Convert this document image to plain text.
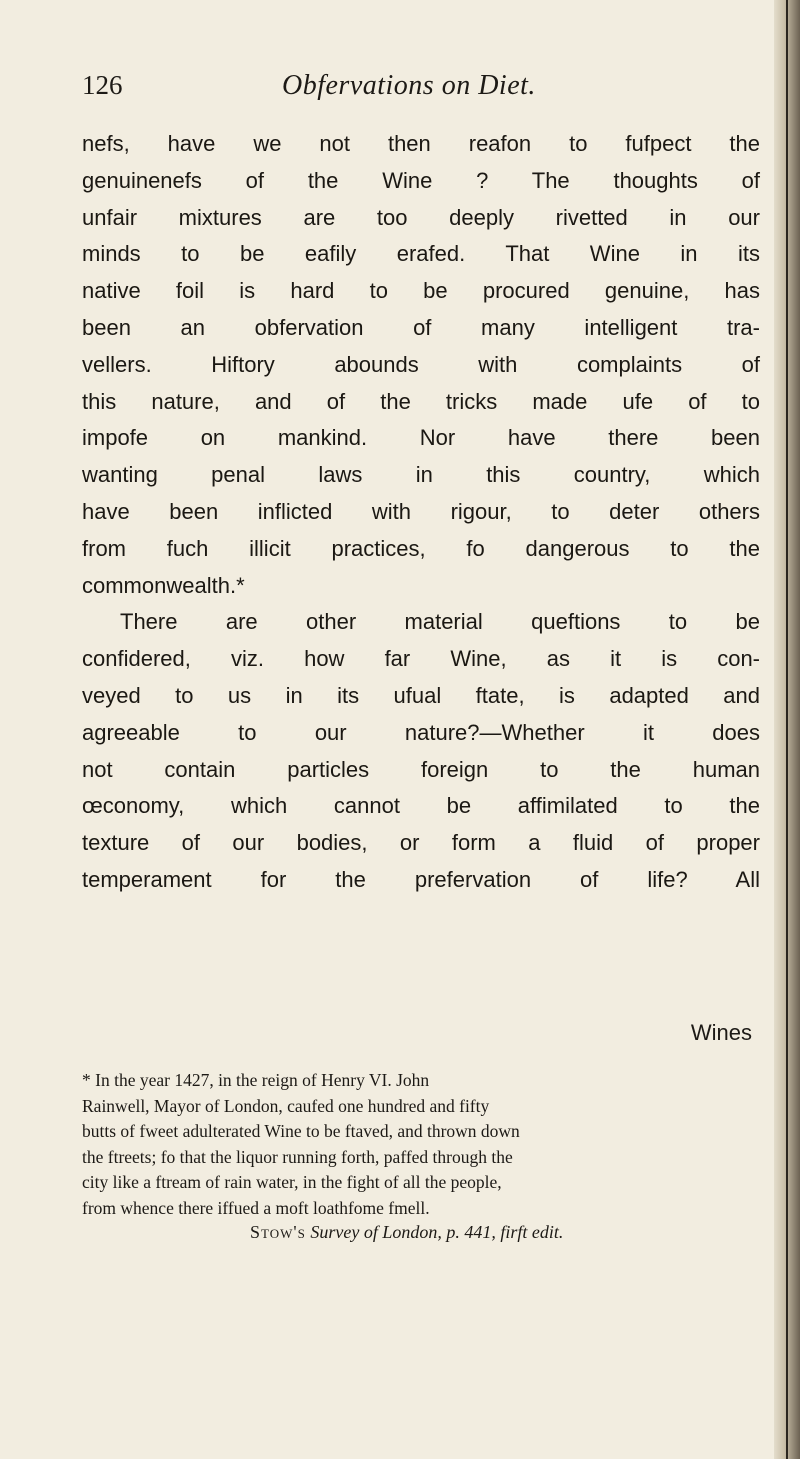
126	Obfervations on Diet.

nefs, have we not then reafon to fufpect the

genuinenefs of the Wine ? The thoughts of

unfair mixtures are too deeply rivetted in our

minds to be eafily erafed. That Wine in its

native foil is hard to be procured genuine, has

been an obfervation of many intelligent tra-

vellers. Hiftory abounds with complaints of

this nature, and of the tricks made ufe of to

impofe on mankind. Nor have there been

wanting penal laws in this country, which

have been inflicted with rigour, to deter others

from fuch illicit practices, fo dangerous to the

commonwealth.*

There are other material queftions to be

confidered, viz. how far Wine, as it is con-

veyed to us in its ufual ftate, is adapted and

agreeable to our nature?—Whether it does

not contain particles foreign to the human

œconomy, which cannot be affimilated to the

texture of our bodies, or form a fluid of proper

temperament for the prefervation of life? All

Wines
* In the year 1427, in the reign of Henry VI. John
Rainwell, Mayor of London, caufed one hundred and fifty
butts of fweet adulterated Wine to be ftaved, and thrown down
the ftreets; fo that the liquor running forth, paffed through the
city like a ftream of rain water, in the fight of all the people,
from whence there iffued a moft loathfome fmell.
Stow's Survey of London, p. 441, firft edit.
